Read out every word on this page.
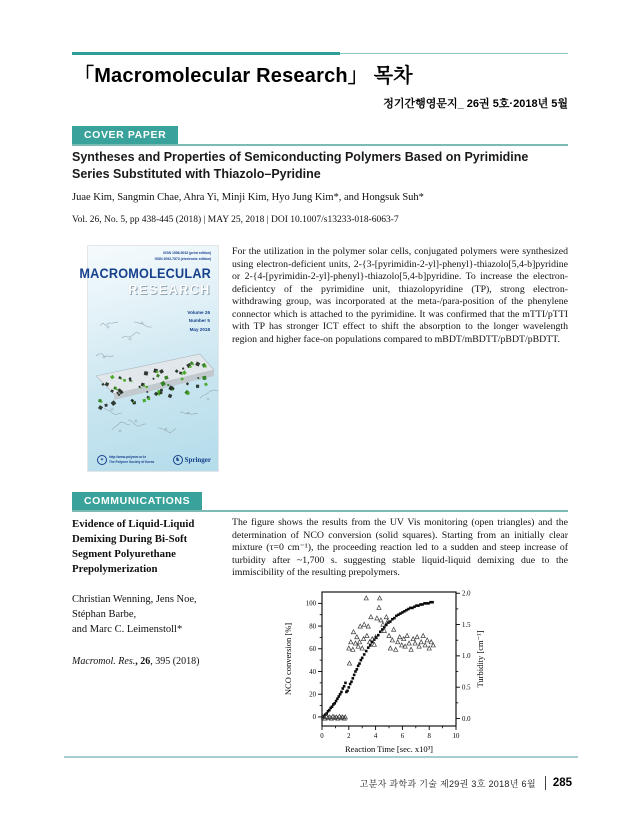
「Macromolecular Research」 목차
정기간행영문지_ 26권 5호·2018년 5월
COVER PAPER
Syntheses and Properties of Semiconducting Polymers Based on Pyrimidine Series Substituted with Thiazolo–Pyridine
Juae Kim, Sangmin Chae, Ahra Yi, Minji Kim, Hyo Jung Kim*, and Hongsuk Suh*
Vol. 26, No. 5, pp 438-445 (2018) | MAY 25, 2018 | DOI 10.1007/s13233-018-6063-7
ISSN 1598-5032 (print edition)
ISSN 2092-7673 (electronic edition)
MACROMOLECULAR
RESEARCH
Volume 26
Number 5
May 2018
✦
http://www.polymer.or.kr
The Polymer Society of Korea	♞ Springer
For the utilization in the polymer solar cells, conjugated polymers were synthesized using electron-deficient units, 2-{3-[pyrimidin-2-yl]-phenyl}-thiazolo[5,4-b]pyridine or 2-{4-[pyrimidin-2-yl]-phenyl}-thiazolo[5,4-b]pyridine. To increase the electron-deficientcy of the pyrimidine unit, thiazolopyridine (TP), strong electron-withdrawing group, was incorporated at the meta-/para-position of the phenylene connector which is attached to the pyrimidine. It was confirmed that the mTTI/pTTI with TP has stronger ICT effect to shift the absorption to the longer wavelength region and higher face-on populations compared to mBDT/mBDTT/pBDT/pBDTT.
COMMUNICATIONS
Evidence of Liquid-Liquid Demixing During Bi-Soft Segment Polyurethane Prepolymerization
Christian Wenning, Jens Noe,
Stéphan Barbe,
and Marc C. Leimenstoll*
Macromol. Res., 26, 395 (2018)
The figure shows the results from the UV Vis monitoring (open triangles) and the determination of NCO conversion (solid squares). Starting from an initially clear mixture (τ=0 cm⁻¹), the proceeding reaction led to a sudden and steep increase of turbidity after ~1,700 s. suggesting stable liquid-liquid demixing due to the immiscibility of the resulting prepolymers.
0	2	4	6	8	10
0
20
40
60
80
100
0.0
0.5
1.0
1.5
2.0
Reaction Time [sec. x10³]
NCO conversion [%]	Turbidity [cm⁻¹]
고분자 과학과 기술 제29권 3호 2018년 6월 285
